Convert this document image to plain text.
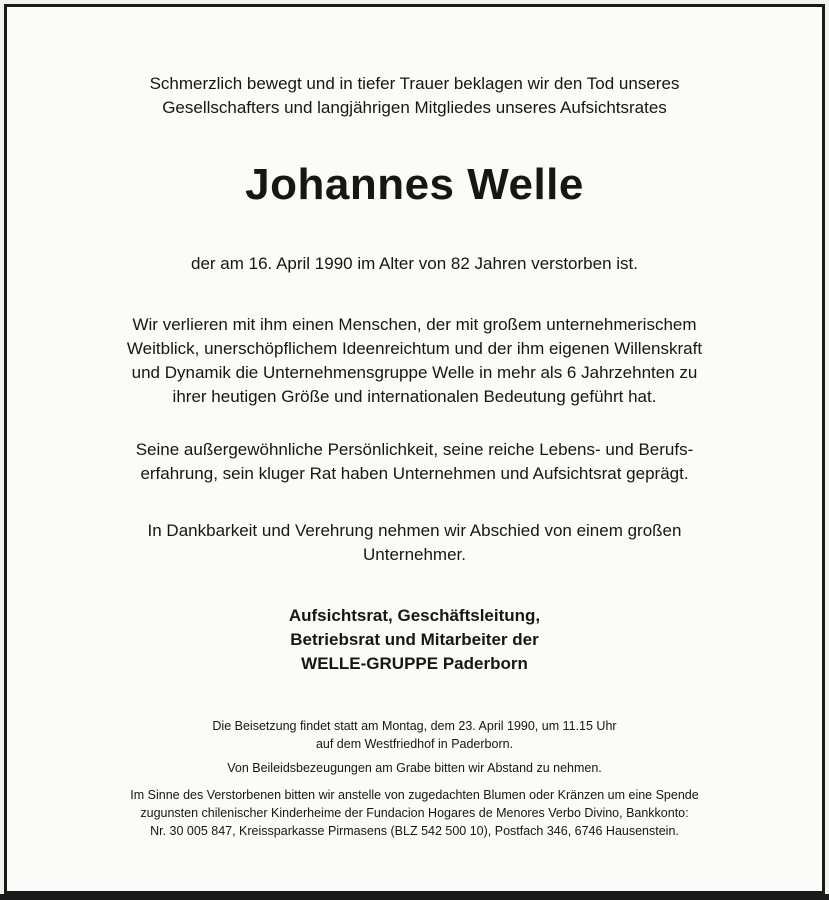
Schmerzlich bewegt und in tiefer Trauer beklagen wir den Tod unseres
Gesellschafters und langjährigen Mitgliedes unseres Aufsichtsrates
Johannes Welle
der am 16. April 1990 im Alter von 82 Jahren verstorben ist.
Wir verlieren mit ihm einen Menschen, der mit großem unternehmerischem
Weitblick, unerschöpflichem Ideenreichtum und der ihm eigenen Willenskraft
und Dynamik die Unternehmensgruppe Welle in mehr als 6 Jahrzehnten zu
ihrer heutigen Größe und internationalen Bedeutung geführt hat.
Seine außergewöhnliche Persönlichkeit, seine reiche Lebens- und Berufs-
erfahrung, sein kluger Rat haben Unternehmen und Aufsichtsrat geprägt.
In Dankbarkeit und Verehrung nehmen wir Abschied von einem großen
Unternehmer.
Aufsichtsrat, Geschäftsleitung,
Betriebsrat und Mitarbeiter der
WELLE-GRUPPE Paderborn
Die Beisetzung findet statt am Montag, dem 23. April 1990, um 11.15 Uhr
auf dem Westfriedhof in Paderborn.
Von Beileidsbezeugungen am Grabe bitten wir Abstand zu nehmen.
Im Sinne des Verstorbenen bitten wir anstelle von zugedachten Blumen oder Kränzen um eine Spende
zugunsten chilenischer Kinderheime der Fundacion Hogares de Menores Verbo Divino, Bankkonto:
Nr. 30 005 847, Kreissparkasse Pirmasens (BLZ 542 500 10), Postfach 346, 6746 Hausenstein.
